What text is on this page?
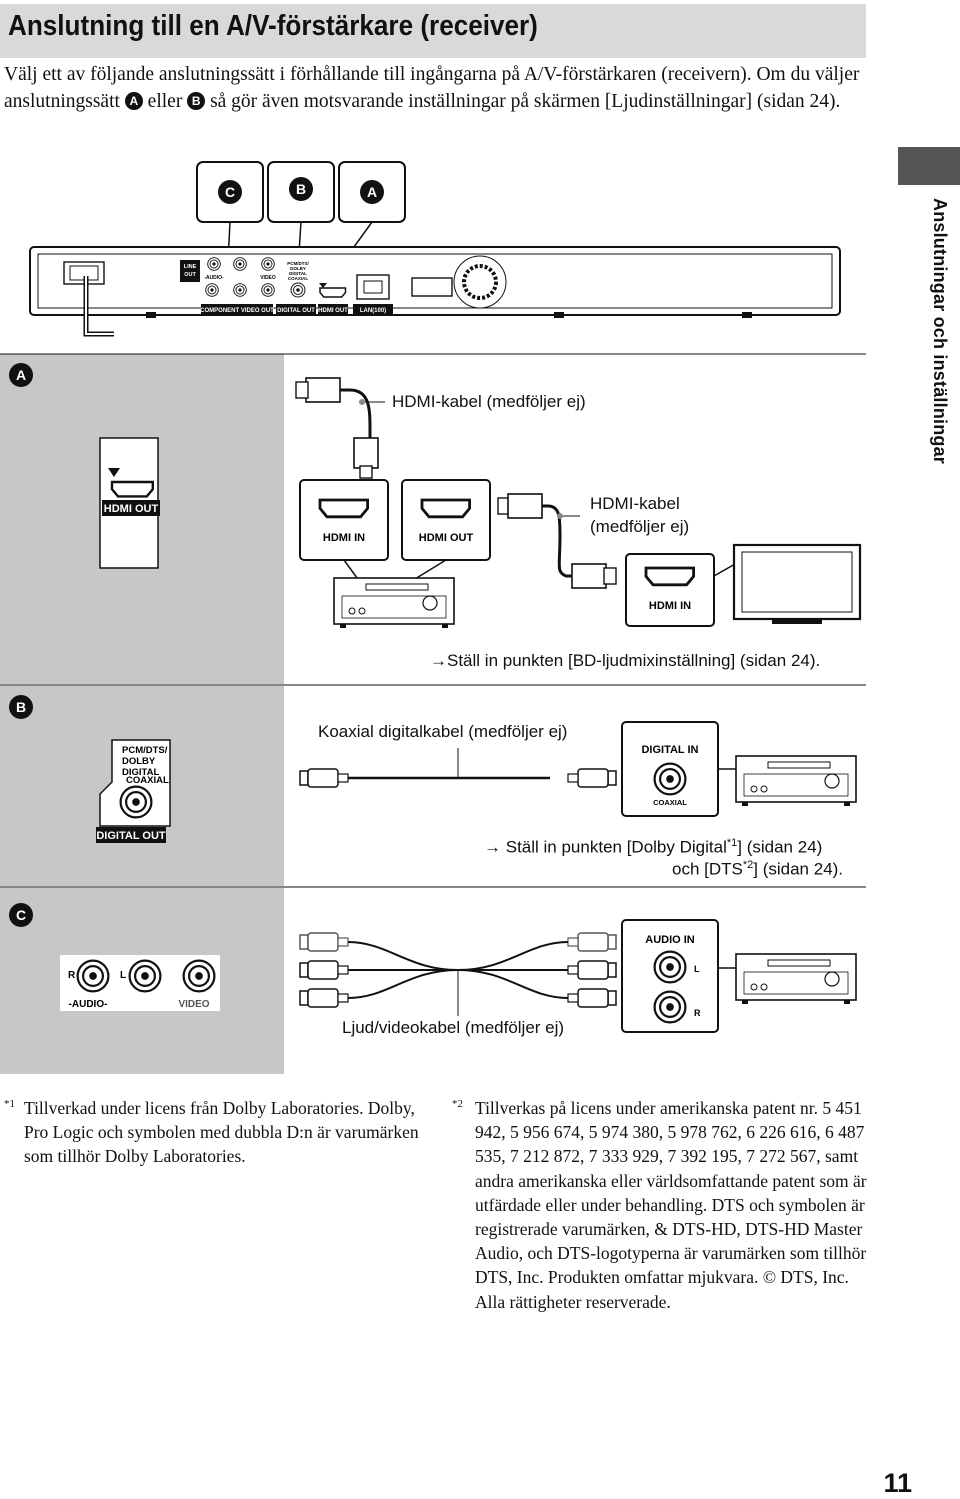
Anslutning till en A/V-förstärkare (receiver)
Välj ett av följande anslutningssätt i förhållande till ingångarna på A/V-förstärkaren (receivern). Om du väljer anslutningssätt A eller B så gör även motsvarande inställningar på skärmen [Ljudinställningar] (sidan 24).
Anslutningar och inställningar
C	B	A
LINE
OUT -AUDIO-	VIDEO
PCM/DTS/
DOLBY
DIGITAL
COAXIAL
COMPONENT VIDEO OUT DIGITAL OUT HDMI OUT LAN(100)
A
HDMI OUT
HDMI IN	HDMI OUT
HDMI IN
B
PCM/DTS/
DOLBY
DIGITAL
COAXIAL
DIGITAL OUT
DIGITAL IN
COAXIAL
C
R	L
-AUDIO-	VIDEO
AUDIO IN
L
R
HDMI-kabel (medföljer ej)
HDMI-kabel
(medföljer ej)
→Ställ in punkten [BD-ljudmixinställning] (sidan 24).
Koaxial digitalkabel (medföljer ej)
→ Ställ in punkten [Dolby Digital$^{*1}$] (sidan 24)
och [DTS$^{*2}$] (sidan 24).
Ljud/videokabel (medföljer ej)
$^{*1}$ Tillverkad under licens från Dolby Laboratories. Dolby, Pro Logic och symbolen med dubbla D:n är varumärken som tillhör Dolby Laboratories.
$^{*2}$ Tillverkas på licens under amerikanska patent nr. 5 451 942, 5 956 674, 5 974 380, 5 978 762, 6 226 616, 6 487 535, 7 212 872, 7 333 929, 7 392 195, 7 272 567, samt andra amerikanska eller världsomfattande patent som är utfärdade eller under behandling. DTS och symbolen är registrerade varumärken, & DTS-HD, DTS-HD Master Audio, och DTS-logotyperna är varumärken som tillhör DTS, Inc. Produkten omfattar mjukvara. © DTS, Inc. Alla rättigheter reserverade.
11
